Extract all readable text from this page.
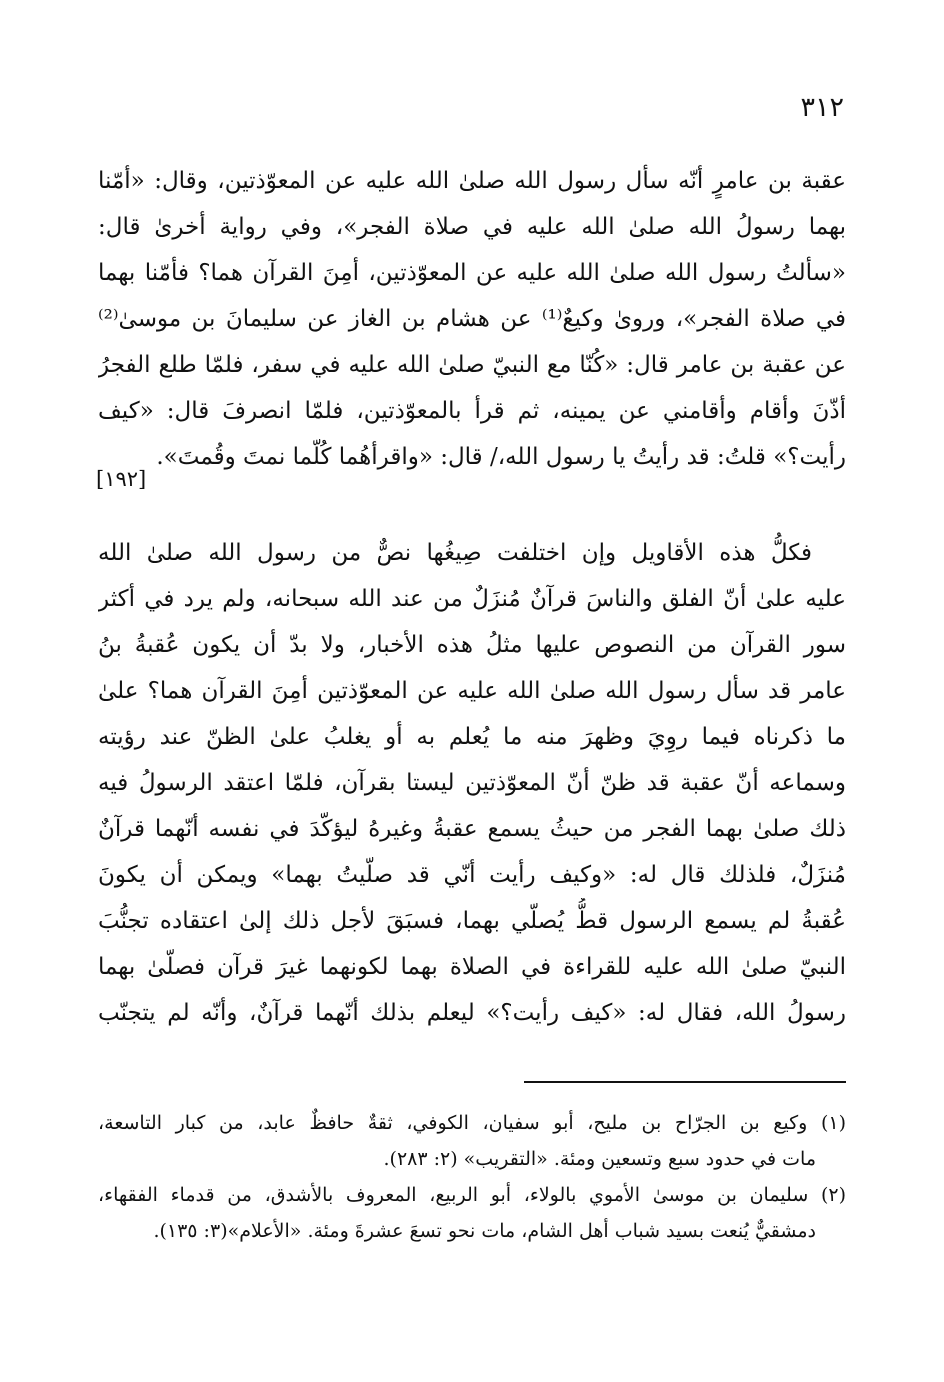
٣١٢
عقبة بن عامرٍ أنّه سأل رسول الله صلىٰ الله عليه عن المعوّذتين، وقال: «أمّنا
بهما رسولُ الله صلىٰ الله عليه في صلاة الفجر»، وفي رواية أخرىٰ قال:
«سألتُ رسول الله صلىٰ الله عليه عن المعوّذتين، أمِنَ القرآن هما؟ فأمّنا بهما
في صلاة الفجر»، ورویٰ وكيعٌ⁽¹⁾ عن هشام بن الغاز عن سليمانَ بن موسىٰ⁽²⁾
عن عقبة بن عامر قال: «كُنّا مع النبيّ صلىٰ الله عليه في سفر، فلمّا طلع الفجرُ
أذّنَ وأقام وأقامني عن يمينه، ثم قرأ بالمعوّذتين، فلمّا انصرفَ قال: «كيف
رأيت؟» قلتُ: قد رأيتُ يا رسول الله،/ قال: «واقرأهُما كُلّما نمتَ وقُمتَ».
[١٩٢]
فكلُّ هذه الأقاويل وإن اختلفت صِيغُها نصٌّ من رسول الله صلىٰ الله
عليه علىٰ أنّ الفلق والناسَ قرآنٌ مُنزَلٌ من عند الله سبحانه، ولم يرد في أكثر
سور القرآن من النصوص عليها مثلُ هذه الأخبار، ولا بدّ أن يكون عُقبةُ بنُ
عامر قد سأل رسول الله صلىٰ الله عليه عن المعوّذتين أمِنَ القرآن هما؟ علىٰ
ما ذكرناه فيما روِيَ وظهرَ منه ما يُعلم به أو يغلبُ علىٰ الظنّ عند رؤيته
وسماعه أنّ عقبة قد ظنّ أنّ المعوّذتين ليستا بقرآن، فلمّا اعتقد الرسولُ فيه
ذلك صلىٰ بهما الفجر من حيثُ يسمع عقبةُ وغيرهُ ليؤكّدَ في نفسه أنّهما قرآنٌ
مُنزَلٌ، فلذلك قال له: «وكيف رأيت أنّي قد صلّيتُ بهما» ويمكن أن يكونَ
عُقبةُ لم يسمع الرسول قطُّ يُصلّي بهما، فسبَقَ لأجل ذلك إلىٰ اعتقاده تجنُّبَ
النبيّ صلىٰ الله عليه للقراءة في الصلاة بهما لكونهما غيرَ قرآن فصلّىٰ بهما
رسولُ الله، فقال له: «كيف رأيت؟» ليعلم بذلك أنّهما قرآنٌ، وأنّه لم يتجنّب
(١) وكيع بن الجرّاح بن مليح، أبو سفيان، الكوفي، ثقةٌ حافظٌ عابد، من كبار التاسعة،
مات في حدود سبع وتسعين ومئة. «التقريب» (٢: ٢٨٣).
(٢) سليمان بن موسىٰ الأموي بالولاء، أبو الربيع، المعروف بالأشدق، من قدماء الفقهاء،
دمشقيٌّ يُنعت بسيد شباب أهل الشام، مات نحو تسعَ عشرةَ ومئة. «الأعلام»(٣: ١٣٥).
